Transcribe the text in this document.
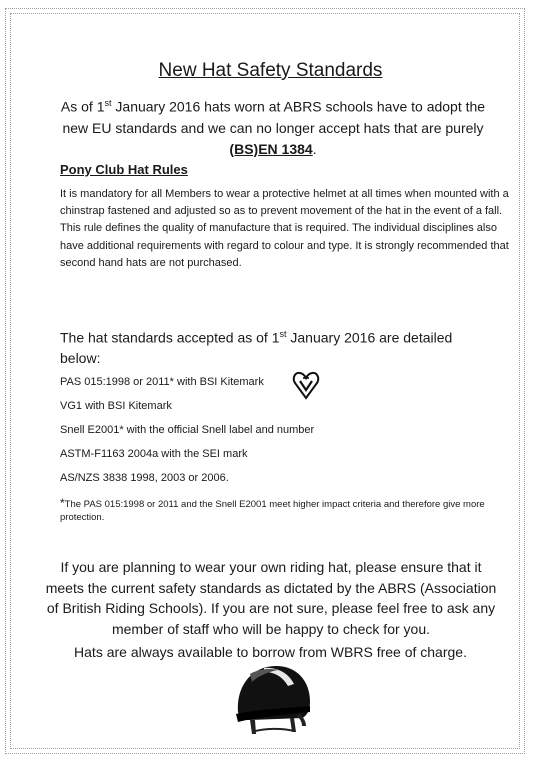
New Hat Safety Standards
As of 1st January 2016 hats worn at ABRS schools have to adopt the new EU standards and we can no longer accept hats that are purely (BS)EN 1384.
Pony Club Hat Rules
It is mandatory for all Members to wear a protective helmet at all times when mounted with a chinstrap fastened and adjusted so as to prevent movement of the hat in the event of a fall. This rule defines the quality of manufacture that is required. The individual disciplines also have additional requirements with regard to colour and type. It is strongly recommended that second hand hats are not purchased.
The hat standards accepted as of 1st January 2016 are detailed below:
PAS 015:1998 or 2011* with BSI Kitemark
VG1 with BSI Kitemark
Snell E2001* with the official Snell label and number
ASTM-F1163 2004a with the SEI mark
AS/NZS 3838 1998, 2003 or 2006.
*The PAS 015:1998 or 2011 and the Snell E2001 meet higher impact criteria and therefore give more protection.
If you are planning to wear your own riding hat, please ensure that it meets the current safety standards as dictated by the ABRS (Association of British Riding Schools). If you are not sure, please feel free to ask any member of staff who will be happy to check for you.
Hats are always available to borrow from WBRS free of charge.
